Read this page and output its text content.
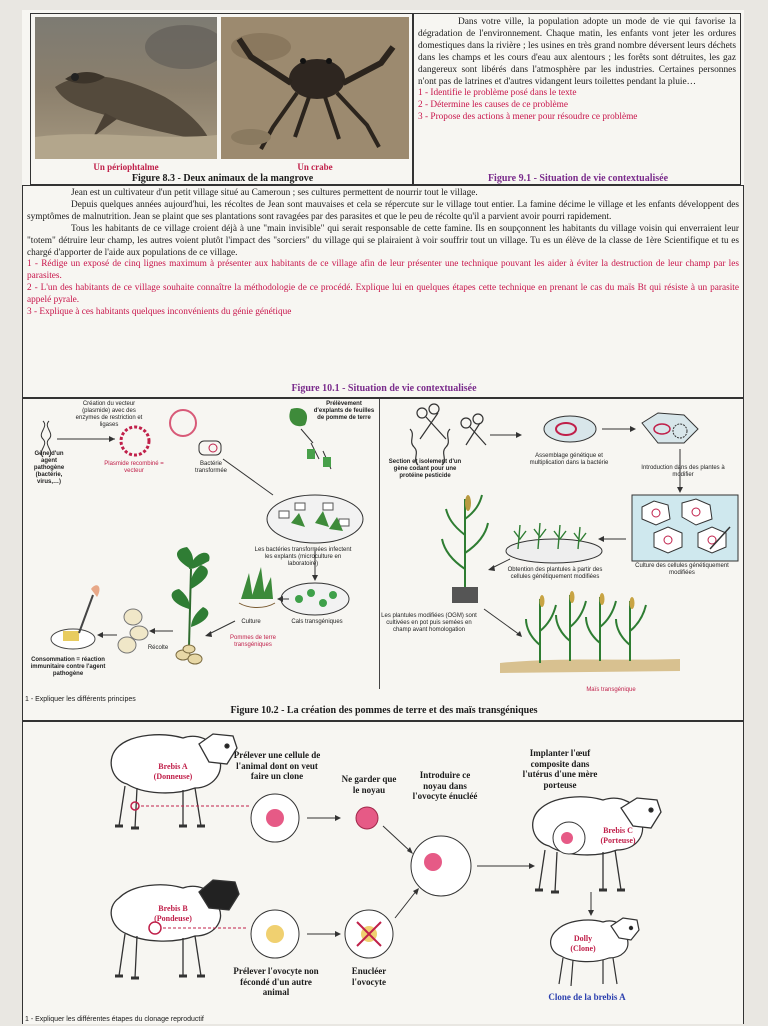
Un périophtalme	Un crabe
Figure 8.3 - Deux animaux de la mangrove

Dans votre ville, la population adopte un mode de vie qui favorise la dégradation de l'environnement. Chaque matin, les enfants vont jeter les ordures domestiques dans la rivière ; les usines en très grand nombre déversent leurs déchets dans les champs et les cours d'eau aux alentours ; les forêts sont détruites, les gaz dangereux sont libérés dans l'atmosphère par les industries. Certaines personnes n'ont pas de latrines et d'autres vidangent leurs toilettes pendant la pluie…

1 - Identifie le problème posé dans le texte
2 - Détermine les causes de ce problème
3 - Propose des actions à mener pour résoudre ce problème
Figure 9.1 - Situation de vie contextualisée

Jean est un cultivateur d'un petit village situé au Cameroun ; ses cultures permettent de nourrir tout le village.

Depuis quelques années aujourd'hui, les récoltes de Jean sont mauvaises et cela se répercute sur le village tout entier. La famine décime le village et les enfants développent des symptômes de malnutrition. Jean se plaint que ses plantations sont ravagées par des parasites et que le peu de récolte qu'il a parvient avoir pourri rapidement.

Tous les habitants de ce village croient déjà à une "main invisible" qui serait responsable de cette famine. Ils en soupçonnent les habitants du village voisin qui enverraient leur "totem" détruire leur champ, les autres voient plutôt l'impact des "sorciers" du village qui se plairaient à voir souffrir tout un village. Tu es un élève de la classe de 1ère Scientifique et tu es chargé d'apporter de l'aide aux populations de ce village.

1 - Rédige un exposé de cinq lignes maximum à présenter aux habitants de ce village afin de leur présenter une technique pouvant les aider à éviter la destruction de leur champ par les parasites.
2 - L'un des habitants de ce village souhaite connaître la méthodologie de ce procédé. Explique lui en quelques étapes cette technique en prenant le cas du maïs Bt qui résiste à un parasite appelé pyrale.
3 - Explique à ces habitants quelques inconvénients du génie génétique
Figure 10.1 - Situation de vie contextualisée
Création du vecteur (plasmide) avec des enzymes de restriction et ligases
Gène d'un agent pathogène (bactérie, virus,…)
Plasmide recombiné = vecteur
Bactérie transformée
Prélèvement d'explants de feuilles de pomme de terre
Les bactéries transformées infectent les explants (microculture en laboratoire)
Cals transgéniques
Culture
Pommes de terre transgéniques
Récolte
Consommation = réaction immunitaire contre l'agent pathogène
Section et isolement d'un gène codant pour une protéine pesticide
Assemblage génétique et multiplication dans la bactérie
Introduction dans des plantes à modifier
Culture des cellules génétiquement modifiées
Obtention des plantules à partir des cellules génétiquement modifiées
Les plantules modifiées (OGM) sont cultivées en pot puis semées en champ avant homologation
Maïs transgénique
1 - Expliquer les différents principes
Figure 10.2 - La création des pommes de terre et des maïs transgéniques
Brebis A
(Donneuse)
Brebis B
(Pondeuse)
Brebis C
(Porteuse)
Dolly
(Clone)
Prélever une cellule de l'animal dont on veut faire un clone	Ne garder que le noyau
Introduire ce noyau dans l'ovocyte énucléé
Implanter l'œuf composite dans l'utérus d'une mère porteuse
Prélever l'ovocyte non fécondé d'un autre animal
Enucléer l'ovocyte
Clone de la brebis A
1 - Expliquer les différentes étapes du clonage reproductif
